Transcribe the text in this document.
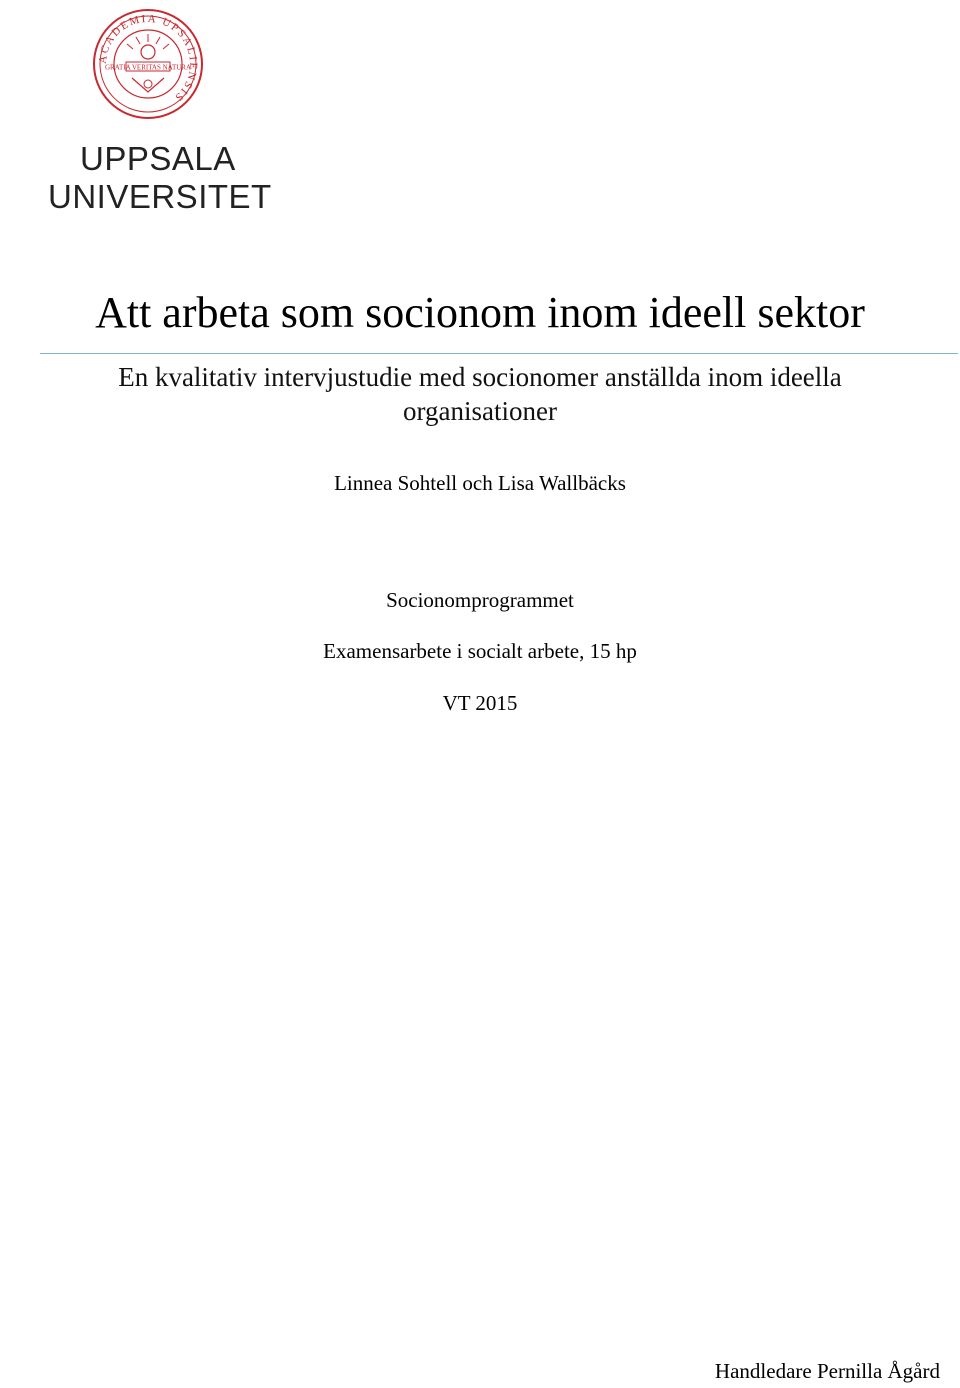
ACADEMIA UPSALIENSIS
GRATIA VERITAS NATURA
UPPSALA
UNIVERSITET
Att arbeta som socionom inom ideell sektor
En kvalitativ intervjustudie med socionomer anställda inom ideella
organisationer
Linnea Sohtell och Lisa Wallbäcks
Socionomprogrammet
Examensarbete i socialt arbete, 15 hp
VT 2015
Handledare Pernilla Ågård
